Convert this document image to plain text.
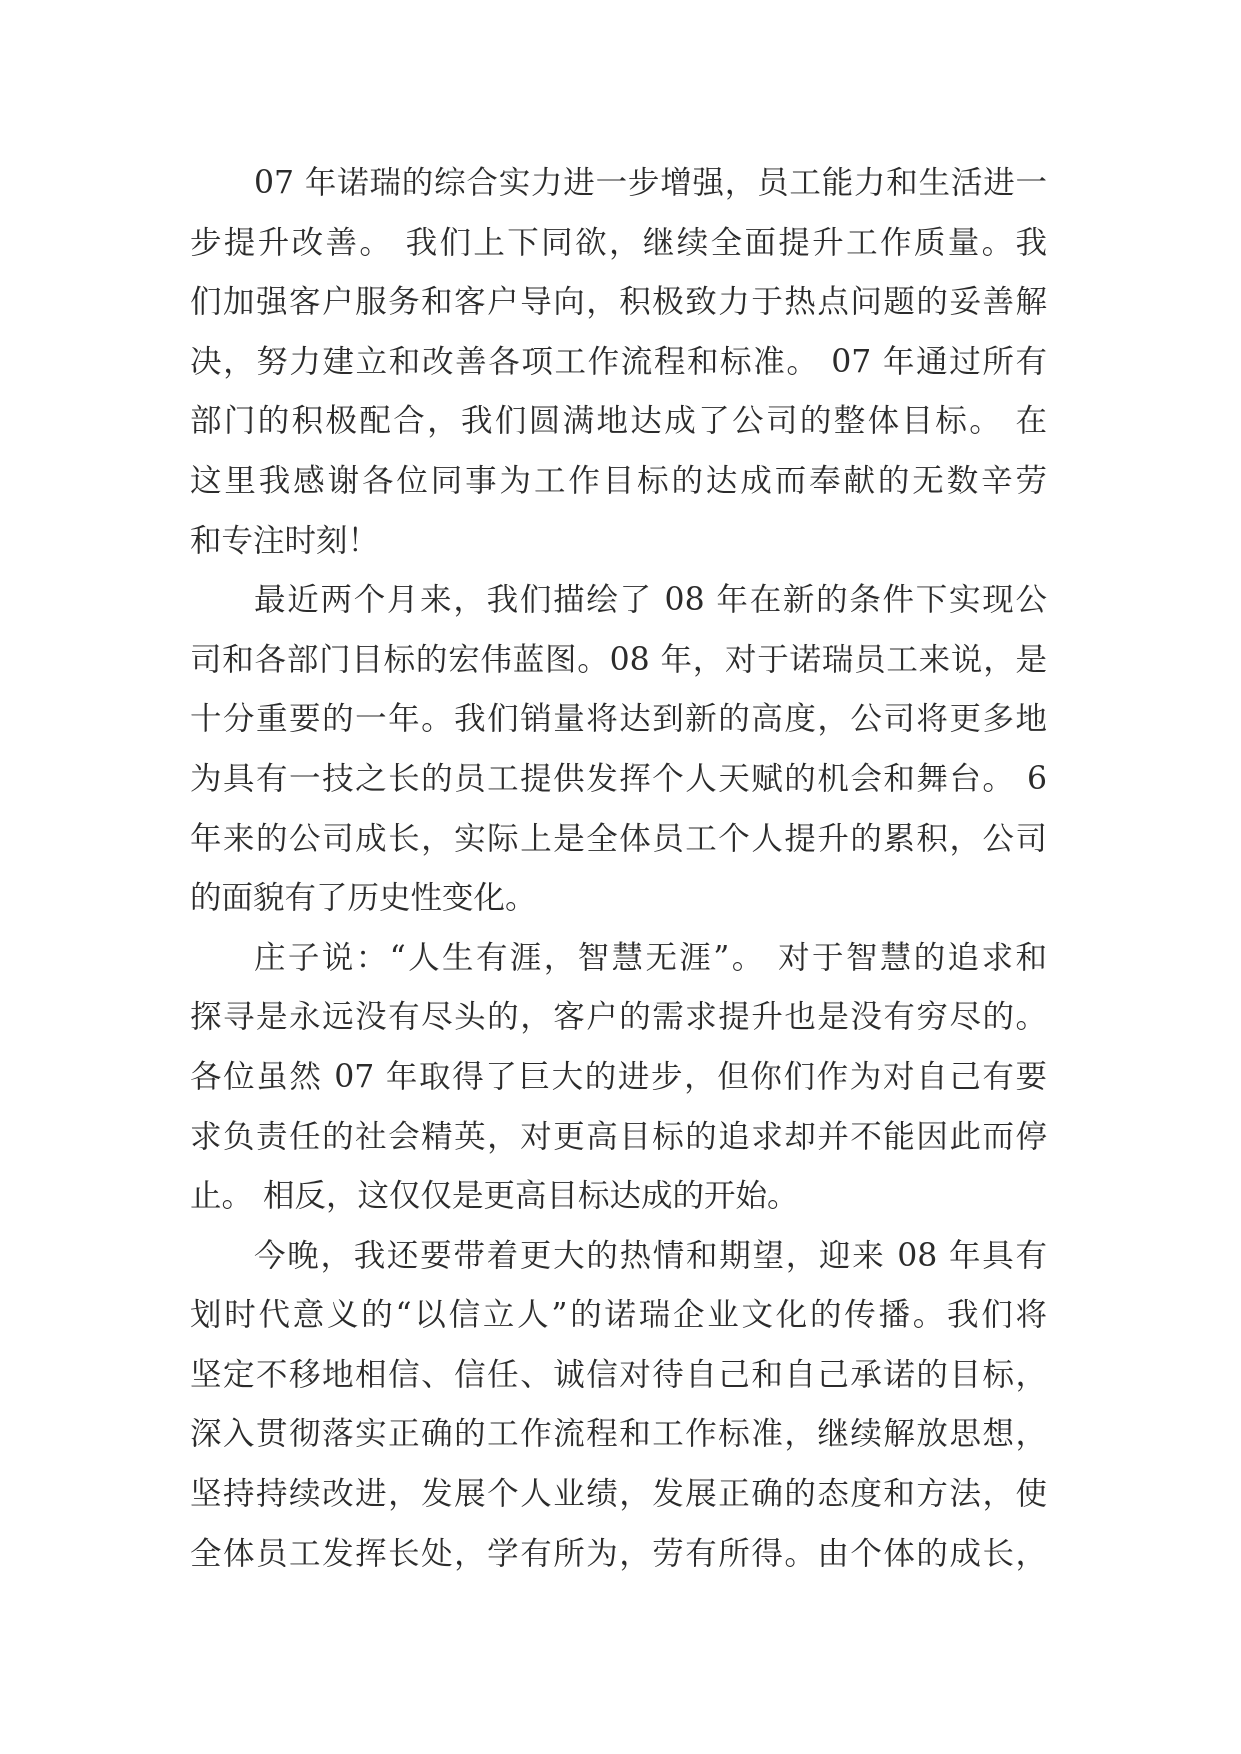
07 年诺瑞的综合实力进一步增强，员工能力和生活进一
步提升改善。 我们上下同欲，继续全面提升工作质量。我
们加强客户服务和客户导向，积极致力于热点问题的妥善解
决，努力建立和改善各项工作流程和标准。 07 年通过所有
部门的积极配合，我们圆满地达成了公司的整体目标。 在
这里我感谢各位同事为工作目标的达成而奉献的无数辛劳
和专注时刻！
最近两个月来，我们描绘了 08 年在新的条件下实现公
司和各部门目标的宏伟蓝图。08 年，对于诺瑞员工来说，是
十分重要的一年。我们销量将达到新的高度，公司将更多地
为具有一技之长的员工提供发挥个人天赋的机会和舞台。 6
年来的公司成长，实际上是全体员工个人提升的累积，公司
的面貌有了历史性变化。
庄子说：“人生有涯，智慧无涯”。 对于智慧的追求和
探寻是永远没有尽头的，客户的需求提升也是没有穷尽的。
各位虽然 07 年取得了巨大的进步，但你们作为对自己有要
求负责任的社会精英，对更高目标的追求却并不能因此而停
止。 相反，这仅仅是更高目标达成的开始。
今晚，我还要带着更大的热情和期望，迎来 08 年具有
划时代意义的“以信立人”的诺瑞企业文化的传播。我们将
坚定不移地相信、信任、诚信对待自己和自己承诺的目标，
深入贯彻落实正确的工作流程和工作标准，继续解放思想，
坚持持续改进，发展个人业绩，发展正确的态度和方法，使
全体员工发挥长处，学有所为，劳有所得。由个体的成长，
